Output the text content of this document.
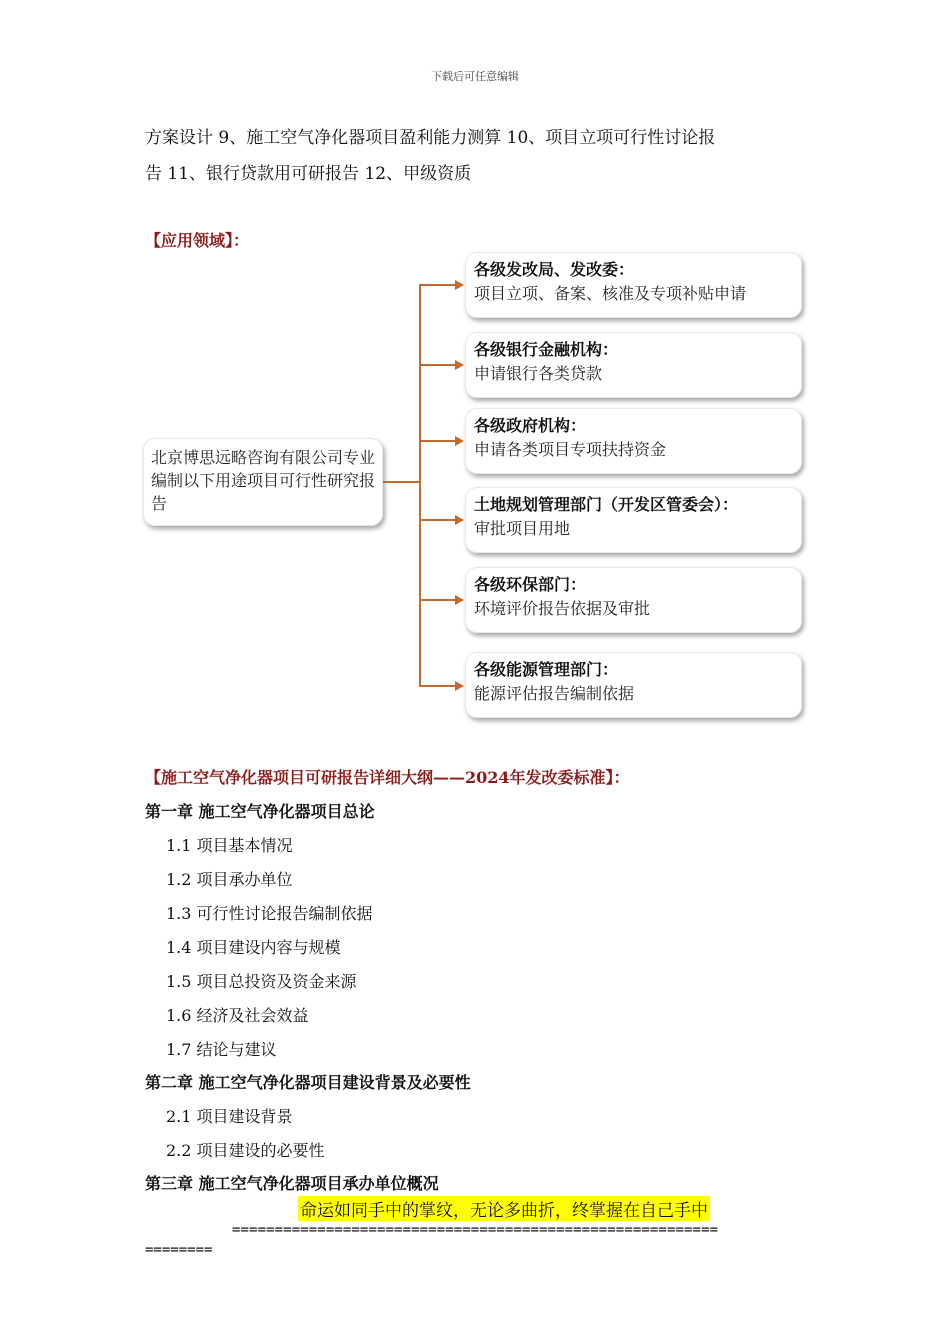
下载后可任意编辑
方案设计 9、施工空气净化器项目盈利能力测算 10、项目立项可行性讨论报
告 11、银行贷款用可研报告 12、甲级资质
【应用领域】：
北京博思远略咨询有限公司专业编制以下用途项目可行性研究报告
各级发改局、发改委：
项目立项、备案、核准及专项补贴申请
各级银行金融机构：
申请银行各类贷款
各级政府机构：
申请各类项目专项扶持资金
土地规划管理部门（开发区管委会）：
审批项目用地
各级环保部门：
环境评价报告依据及审批
各级能源管理部门：
能源评估报告编制依据
【施工空气净化器项目可研报告详细大纲——2024年发改委标准】：
第一章 施工空气净化器项目总论
1.1 项目基本情况
1.2 项目承办单位
1.3 可行性讨论报告编制依据
1.4 项目建设内容与规模
1.5 项目总投资及资金来源
1.6 经济及社会效益
1.7 结论与建议
第二章 施工空气净化器项目建设背景及必要性
2.1 项目建设背景
2.2 项目建设的必要性
第三章 施工空气净化器项目承办单位概况
命运如同手中的掌纹，无论多曲折，终掌握在自己手中
=========================================================
========
